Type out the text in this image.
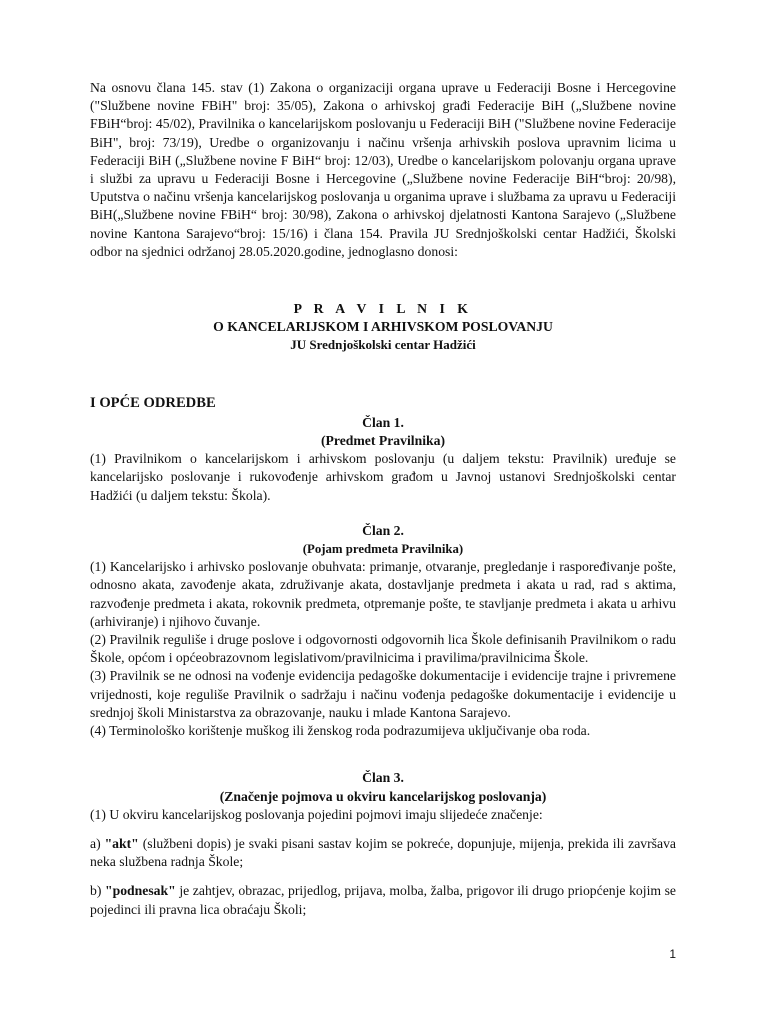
Na osnovu člana 145. stav (1) Zakona o organizaciji organa uprave u Federaciji Bosne i Hercegovine ("Službene novine FBiH" broj: 35/05), Zakona o arhivskoj građi Federacije BiH („Službene novine FBiH“broj: 45/02), Pravilnika o kancelarijskom poslovanju u Federaciji BiH ("Službene novine Federacije BiH", broj: 73/19), Uredbe o organizovanju i načinu vršenja arhivskih poslova upravnim licima u Federaciji BiH („Službene novine F BiH“ broj: 12/03), Uredbe o kancelarijskom polovanju organa uprave i službi za upravu u Federaciji Bosne i Hercegovine („Službene novine Federacije BiH“broj: 20/98), Uputstva o načinu vršenja kancelarijskog poslovanja u organima uprave i službama za upravu u Federaciji BiH(„Službene novine FBiH“ broj: 30/98), Zakona o arhivskoj djelatnosti Kantona Sarajevo („Službene novine Kantona Sarajevo“broj: 15/16) i člana 154. Pravila JU Srednjoškolski centar Hadžići, Školski odbor na sjednici održanoj 28.05.2020.godine, jednoglasno donosi:

P R A V I L N I K

O KANCELARIJSKOM I ARHIVSKOM POSLOVANJU

JU Srednjoškolski centar Hadžići

I OPĆE ODREDBE

Član 1.

(Predmet Pravilnika)

(1) Pravilnikom o kancelarijskom i arhivskom poslovanju (u daljem tekstu: Pravilnik) uređuje se kancelarijsko poslovanje i rukovođenje arhivskom građom u Javnoj ustanovi Srednjoškolski centar Hadžići (u daljem tekstu: Škola).

Član 2.

(Pojam predmeta Pravilnika)

(1) Kancelarijsko i arhivsko poslovanje obuhvata: primanje, otvaranje, pregledanje i raspoređivanje pošte, odnosno akata, zavođenje akata, združivanje akata, dostavljanje predmeta i akata u rad, rad s aktima, razvođenje predmeta i akata, rokovnik predmeta, otpremanje pošte, te stavljanje predmeta i akata u arhivu (arhiviranje) i njihovo čuvanje.

(2) Pravilnik reguliše i druge poslove i odgovornosti odgovornih lica Škole definisanih Pravilnikom o radu Škole, općom i općeobrazovnom legislativom/pravilnicima i pravilima/pravilnicima Škole.

(3) Pravilnik se ne odnosi na vođenje evidencija pedagoške dokumentacije i evidencije trajne i privremene vrijednosti, koje reguliše Pravilnik o sadržaju i načinu vođenja pedagoške dokumentacije i evidencije u srednjoj školi Ministarstva za obrazovanje, nauku i mlade Kantona Sarajevo.

(4) Terminološko korištenje muškog ili ženskog roda podrazumijeva uključivanje oba roda.

Član 3.

(Značenje pojmova u okviru kancelarijskog poslovanja)

(1) U okviru kancelarijskog poslovanja pojedini pojmovi imaju slijedeće značenje:

a) "akt" (službeni dopis) je svaki pisani sastav kojim se pokreće, dopunjuje, mijenja, prekida ili završava neka službena radnja Škole;

b) "podnesak" je zahtjev, obrazac, prijedlog, prijava, molba, žalba, prigovor ili drugo priopćenje kojim se pojedinci ili pravna lica obraćaju Školi;

1
